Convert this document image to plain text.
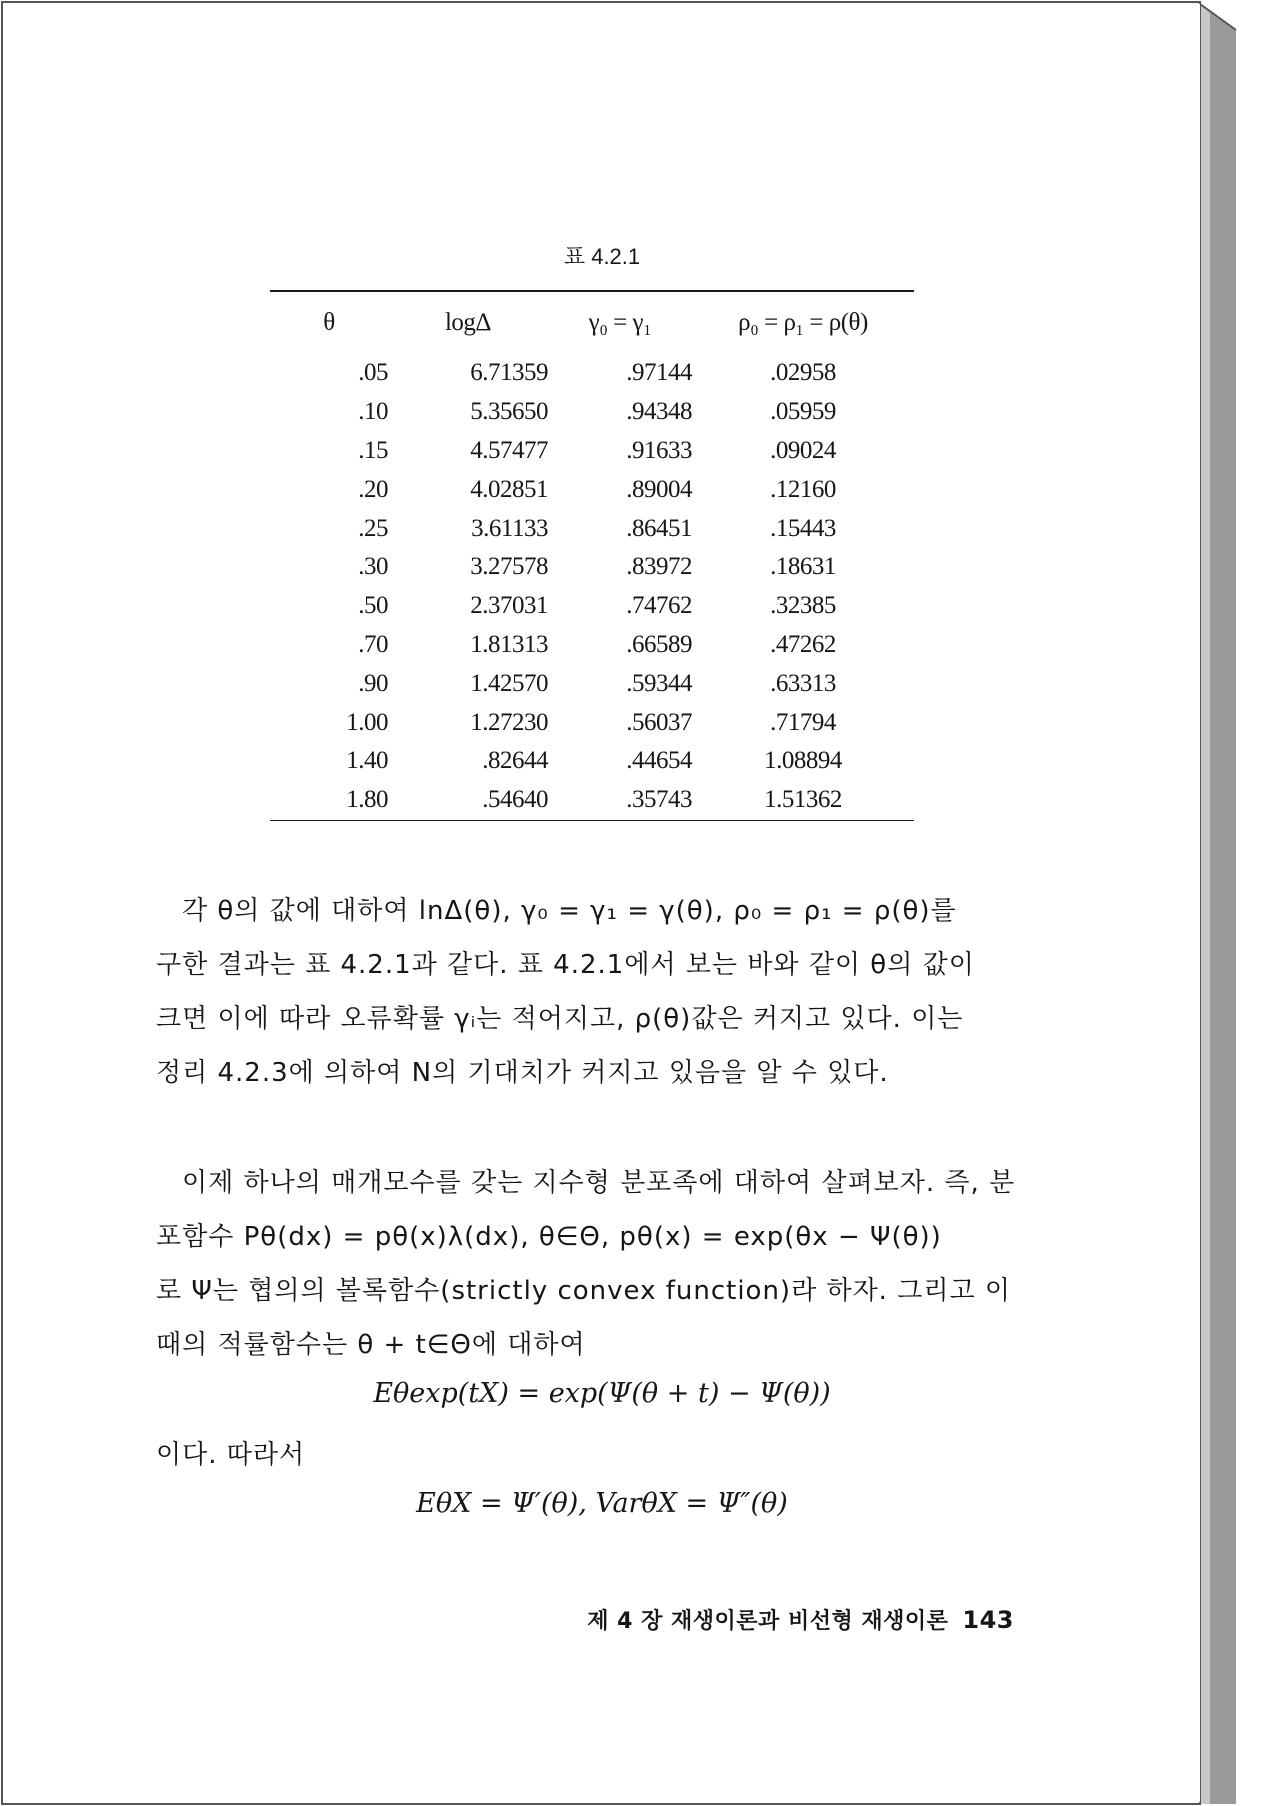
표 4.2.1
θ	logΔ	γ₀ = γ₁	ρ₀ = ρ₁ = ρ(θ)
.05	6.71359	.97144	.02958
.10	5.35650	.94348	.05959
.15	4.57477	.91633	.09024
.20	4.02851	.89004	.12160
.25	3.61133	.86451	.15443
.30	3.27578	.83972	.18631
.50	2.37031	.74762	.32385
.70	1.81313	.66589	.47262
.90	1.42570	.59344	.63313
1.00	1.27230	.56037	.71794
1.40	.82644	.44654	1.08894
1.80	.54640	.35743	1.51362

각 θ의 값에 대하여 lnΔ(θ), γ₀ = γ₁ = γ(θ), ρ₀ = ρ₁ = ρ(θ)를

구한 결과는 표 4.2.1과 같다. 표 4.2.1에서 보는 바와 같이 θ의 값이

크면 이에 따라 오류확률 γᵢ는 적어지고, ρ(θ)값은 커지고 있다. 이는

정리 4.2.3에 의하여 N의 기대치가 커지고 있음을 알 수 있다.

이제 하나의 매개모수를 갖는 지수형 분포족에 대하여 살펴보자. 즉, 분

포함수 Pθ(dx) = pθ(x)λ(dx), θ∈Θ, pθ(x) = exp(θx − Ψ(θ))

로 Ψ는 협의의 볼록함수(strictly convex function)라 하자. 그리고 이

때의 적률함수는 θ + t∈Θ에 대하여

Eθexp(tX) = exp(Ψ(θ + t) − Ψ(θ))
이다. 따라서
EθX = Ψ′(θ), VarθX = Ψ″(θ)
제 4 장 재생이론과 비선형 재생이론 143
